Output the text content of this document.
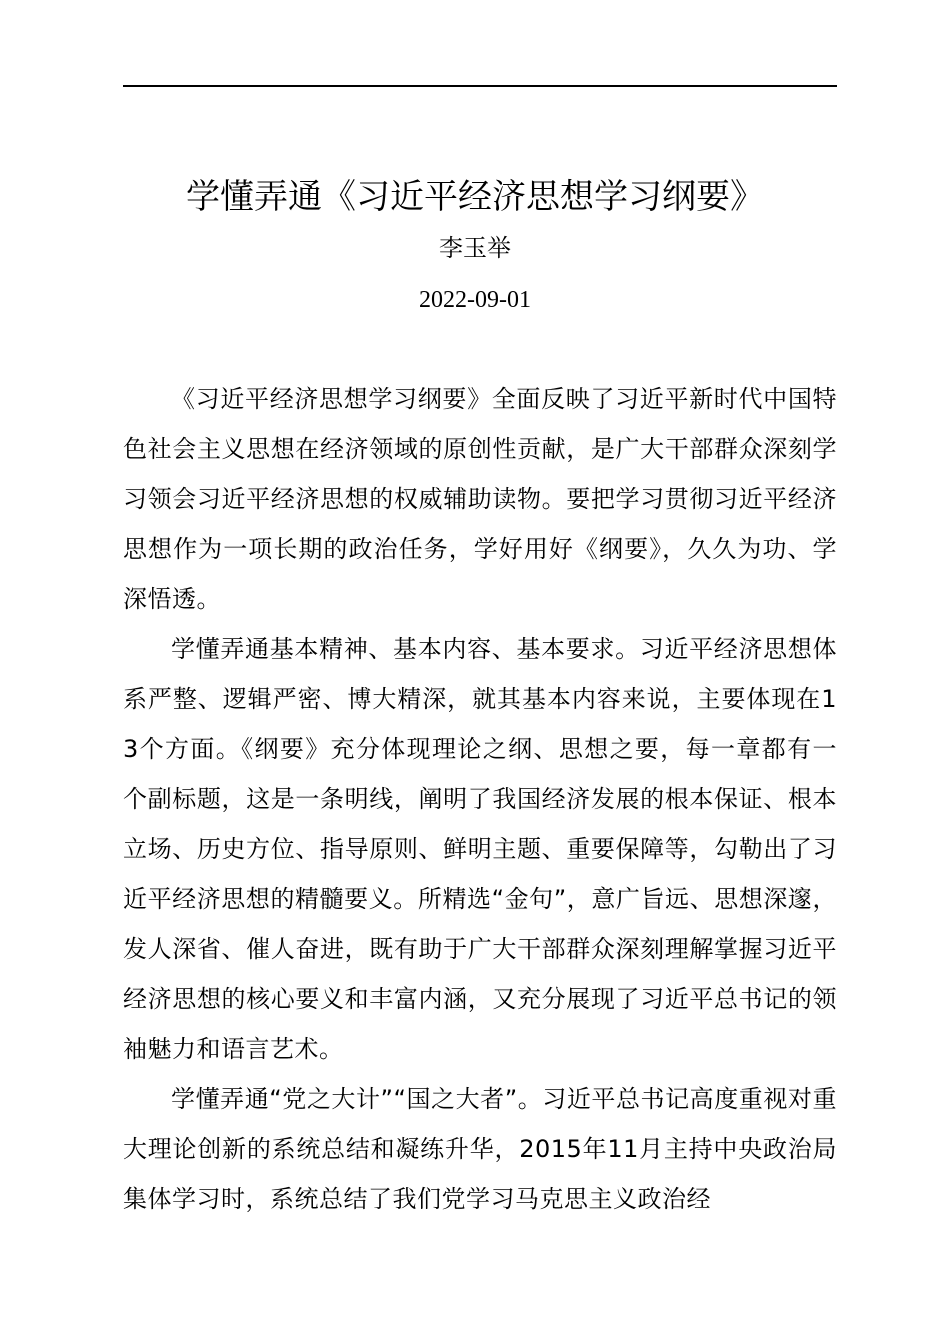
学懂弄通《习近平经济思想学习纲要》
李玉举
2022-09-01

《习近平经济思想学习纲要》全面反映了习近平新时代中国特色社会主义思想在经济领域的原创性贡献，是广大干部群众深刻学习领会习近平经济思想的权威辅助读物。要把学习贯彻习近平经济思想作为一项长期的政治任务，学好用好《纲要》，久久为功、学深悟透。

学懂弄通基本精神、基本内容、基本要求。习近平经济思想体系严整、逻辑严密、博大精深，就其基本内容来说，主要体现在13个方面。《纲要》充分体现理论之纲、思想之要，每一章都有一个副标题，这是一条明线，阐明了我国经济发展的根本保证、根本立场、历史方位、指导原则、鲜明主题、重要保障等，勾勒出了习近平经济思想的精髓要义。所精选“金句”，意广旨远、思想深邃，发人深省、催人奋进，既有助于广大干部群众深刻理解掌握习近平经济思想的核心要义和丰富内涵，又充分展现了习近平总书记的领袖魅力和语言艺术。

学懂弄通“党之大计”“国之大者”。习近平总书记高度重视对重大理论创新的系统总结和凝练升华，2015年11月主持中央政治局集体学习时，系统总结了我们党学习马克思主义政治经
